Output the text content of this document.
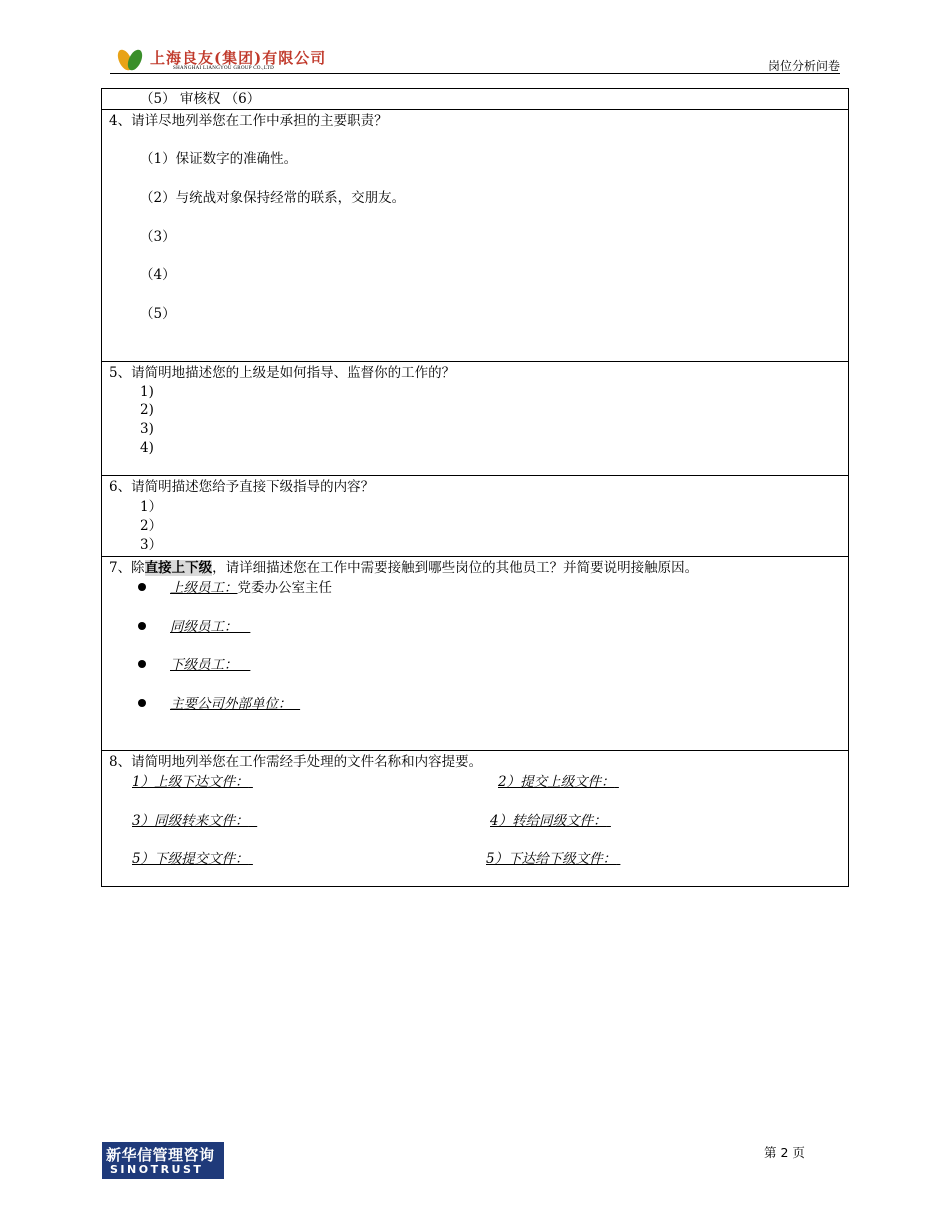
上海良友(集团)有限公司
SHANGHAI LIANGYOU GROUP CO.,LTD	岗位分析问卷
（5） 审核权 （6）
4、请详尽地列举您在工作中承担的主要职责？
（1）保证数字的准确性。
（2）与统战对象保持经常的联系，交朋友。
（3）
（4）
（5）
5、请简明地描述您的上级是如何指导、监督你的工作的？
1)
2)
3)
4)
6、请简明描述您给予直接下级指导的内容？
1）
2）
3）
7、除直接上下级，请详细描述您在工作中需要接触到哪些岗位的其他员工？并简要说明接触原因。
上级员工：党委办公室主任
同级员工：
下级员工：
主要公司外部单位：
8、请简明地列举您在工作需经手处理的文件名称和内容提要。
1）上级下达文件：
3）同级转来文件：
5）下级提交文件：
2）提交上级文件：
4）转给同级文件：
5）下达给下级文件：
新华信管理咨询
SINOTRUST
第 2 页
